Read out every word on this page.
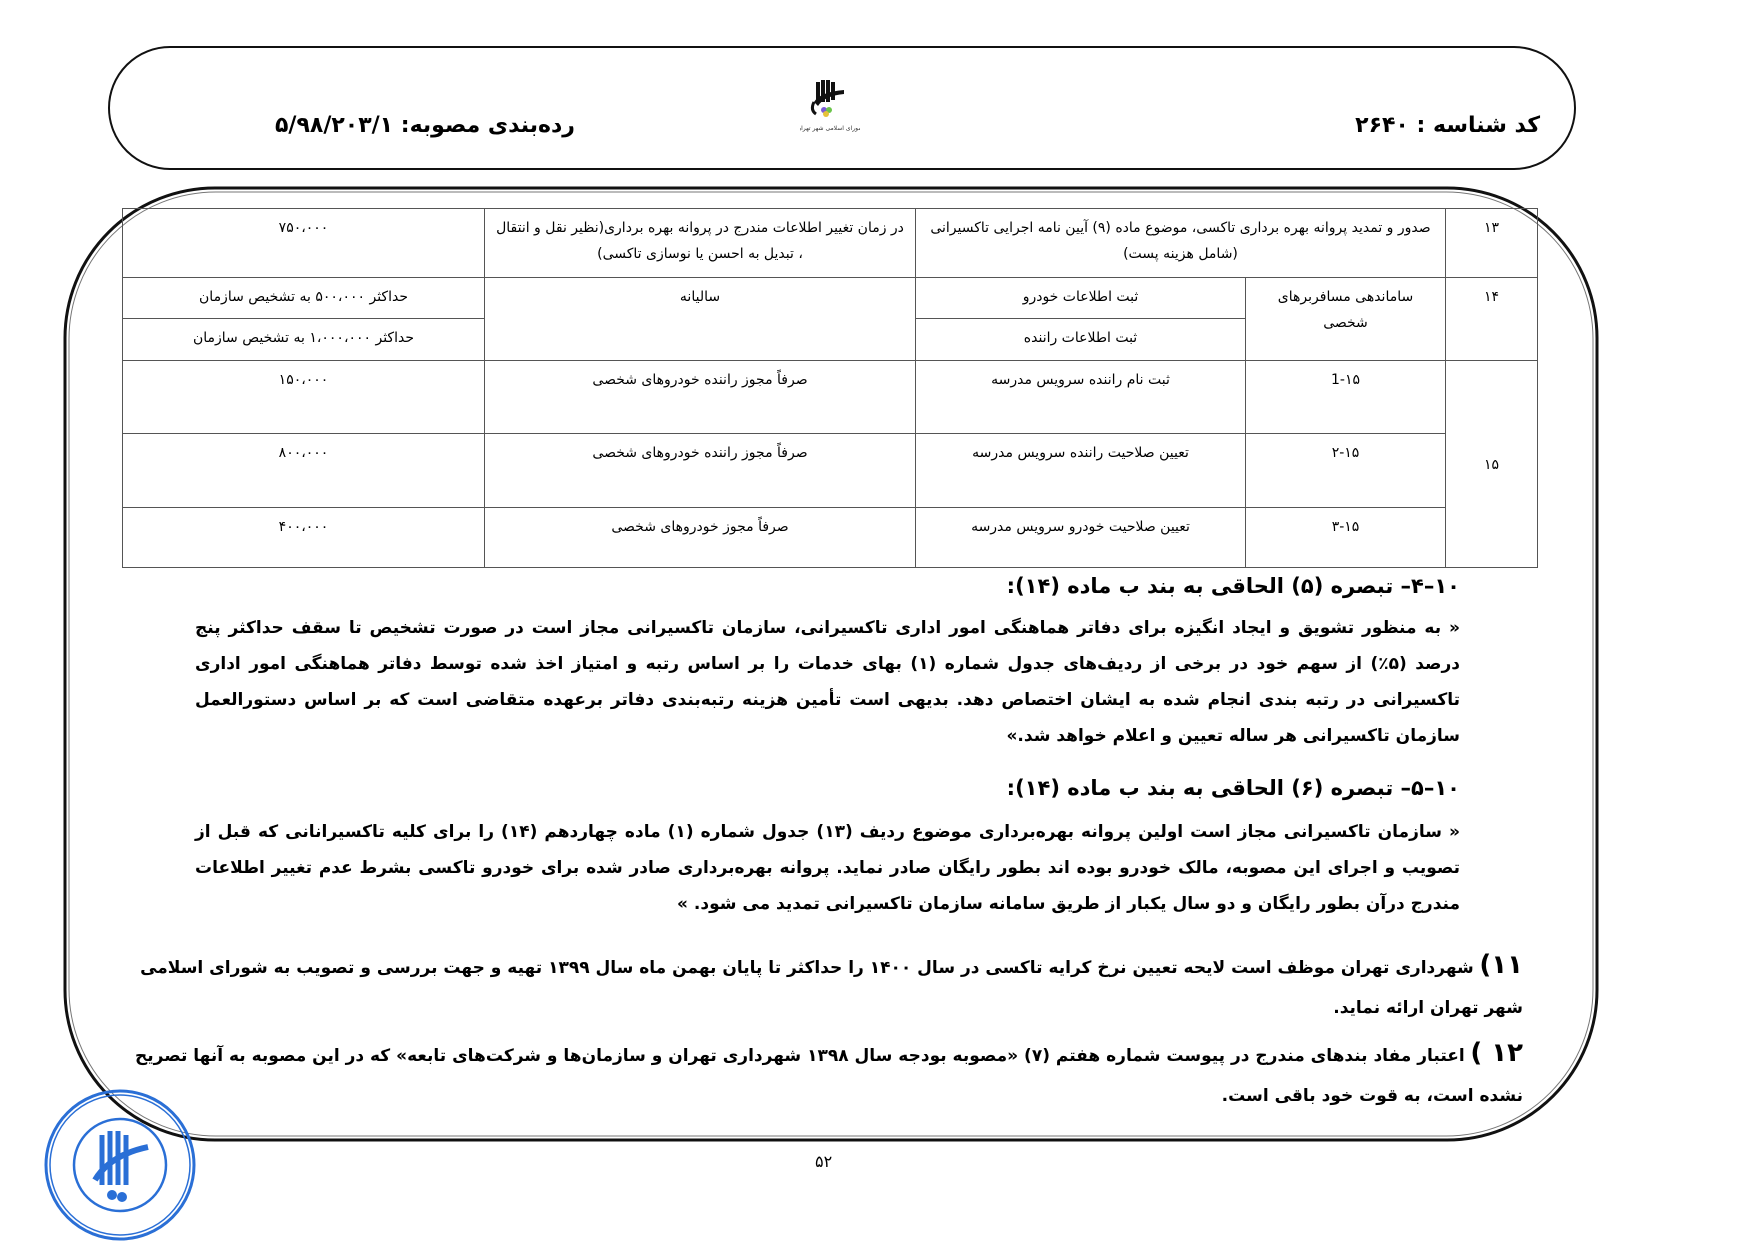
کد شناسه : ۲۶۴۰
رده‌بندی مصوبه: ۵/۹۸/۲۰۳/۱	شورای اسلامی شهر تهران
۱۳	صدور و تمدید پروانه بهره برداری تاکسی، موضوع ماده (۹) آیین نامه اجرایی تاکسیرانی (شامل هزینه پست)		در زمان تغییر اطلاعات مندرج در پروانه بهره برداری(نظیر نقل و انتقال ، تبدیل به احسن یا نوسازی تاکسی)	۷۵۰،۰۰۰
۱۴	ساماندهی مسافربرهای شخصی	ثبت اطلاعات خودرو	سالیانه	حداکثر ۵۰۰،۰۰۰ به تشخیص سازمان
		ثبت اطلاعات راننده		حداکثر ۱،۰۰۰،۰۰۰ به تشخیص سازمان
۱۵	1-۱۵	ثبت نام راننده سرویس مدرسه	صرفاً مجوز راننده خودروهای شخصی	۱۵۰،۰۰۰
	۲-۱۵	تعیین صلاحیت راننده سرویس مدرسه	صرفاً مجوز راننده خودروهای شخصی	۸۰۰،۰۰۰
	۳-۱۵	تعیین صلاحیت خودرو سرویس مدرسه	صرفاً مجوز خودروهای شخصی	۴۰۰،۰۰۰
۱۰–۴– تبصره (۵) الحاقی به بند ب ماده (۱۴):
« به منظور تشویق و ایجاد انگیزه برای دفاتر هماهنگی امور اداری تاکسیرانی، سازمان تاکسیرانی مجاز است در صورت تشخیص تا سقف حداکثر پنج درصد (۵٪) از سهم خود در برخی از ردیف‌های جدول شماره (۱) بهای خدمات را بر اساس رتبه و امتیاز اخذ شده توسط دفاتر هماهنگی امور اداری تاکسیرانی در رتبه بندی انجام شده به ایشان اختصاص دهد. بدیهی است تأمین هزینه رتبه‌بندی دفاتر برعهده متقاضی است که بر اساس دستورالعمل سازمان تاکسیرانی هر ساله تعیین و اعلام خواهد شد.»
۱۰–۵– تبصره (۶) الحاقی به بند ب ماده (۱۴):
« سازمان تاکسیرانی مجاز است اولین پروانه بهره‌برداری موضوع ردیف (۱۳) جدول شماره (۱) ماده چهاردهم (۱۴) را برای کلیه تاکسیرانانی که قبل از تصویب و اجرای این مصوبه، مالک خودرو بوده اند بطور رایگان صادر نماید. پروانه بهره‌برداری صادر شده برای خودرو تاکسی بشرط عدم تغییر اطلاعات مندرج درآن بطور رایگان و دو سال یکبار از طریق سامانه سازمان تاکسیرانی تمدید می شود. »
۱۱) شهرداری تهران موظف است لایحه تعیین نرخ کرایه تاکسی در سال ۱۴۰۰ را حداکثر تا پایان بهمن ماه سال ۱۳۹۹ تهیه و جهت بررسی و تصویب به شورای اسلامی شهر تهران ارائه نماید.
۱۲ ) اعتبار مفاد بندهای مندرج در پیوست شماره هفتم (۷) «مصوبه بودجه سال ۱۳۹۸ شهرداری تهران و سازمان‌ها و شرکت‌های تابعه» که در این مصوبه به آنها تصریح نشده است، به قوت خود باقی است.
۵۲
